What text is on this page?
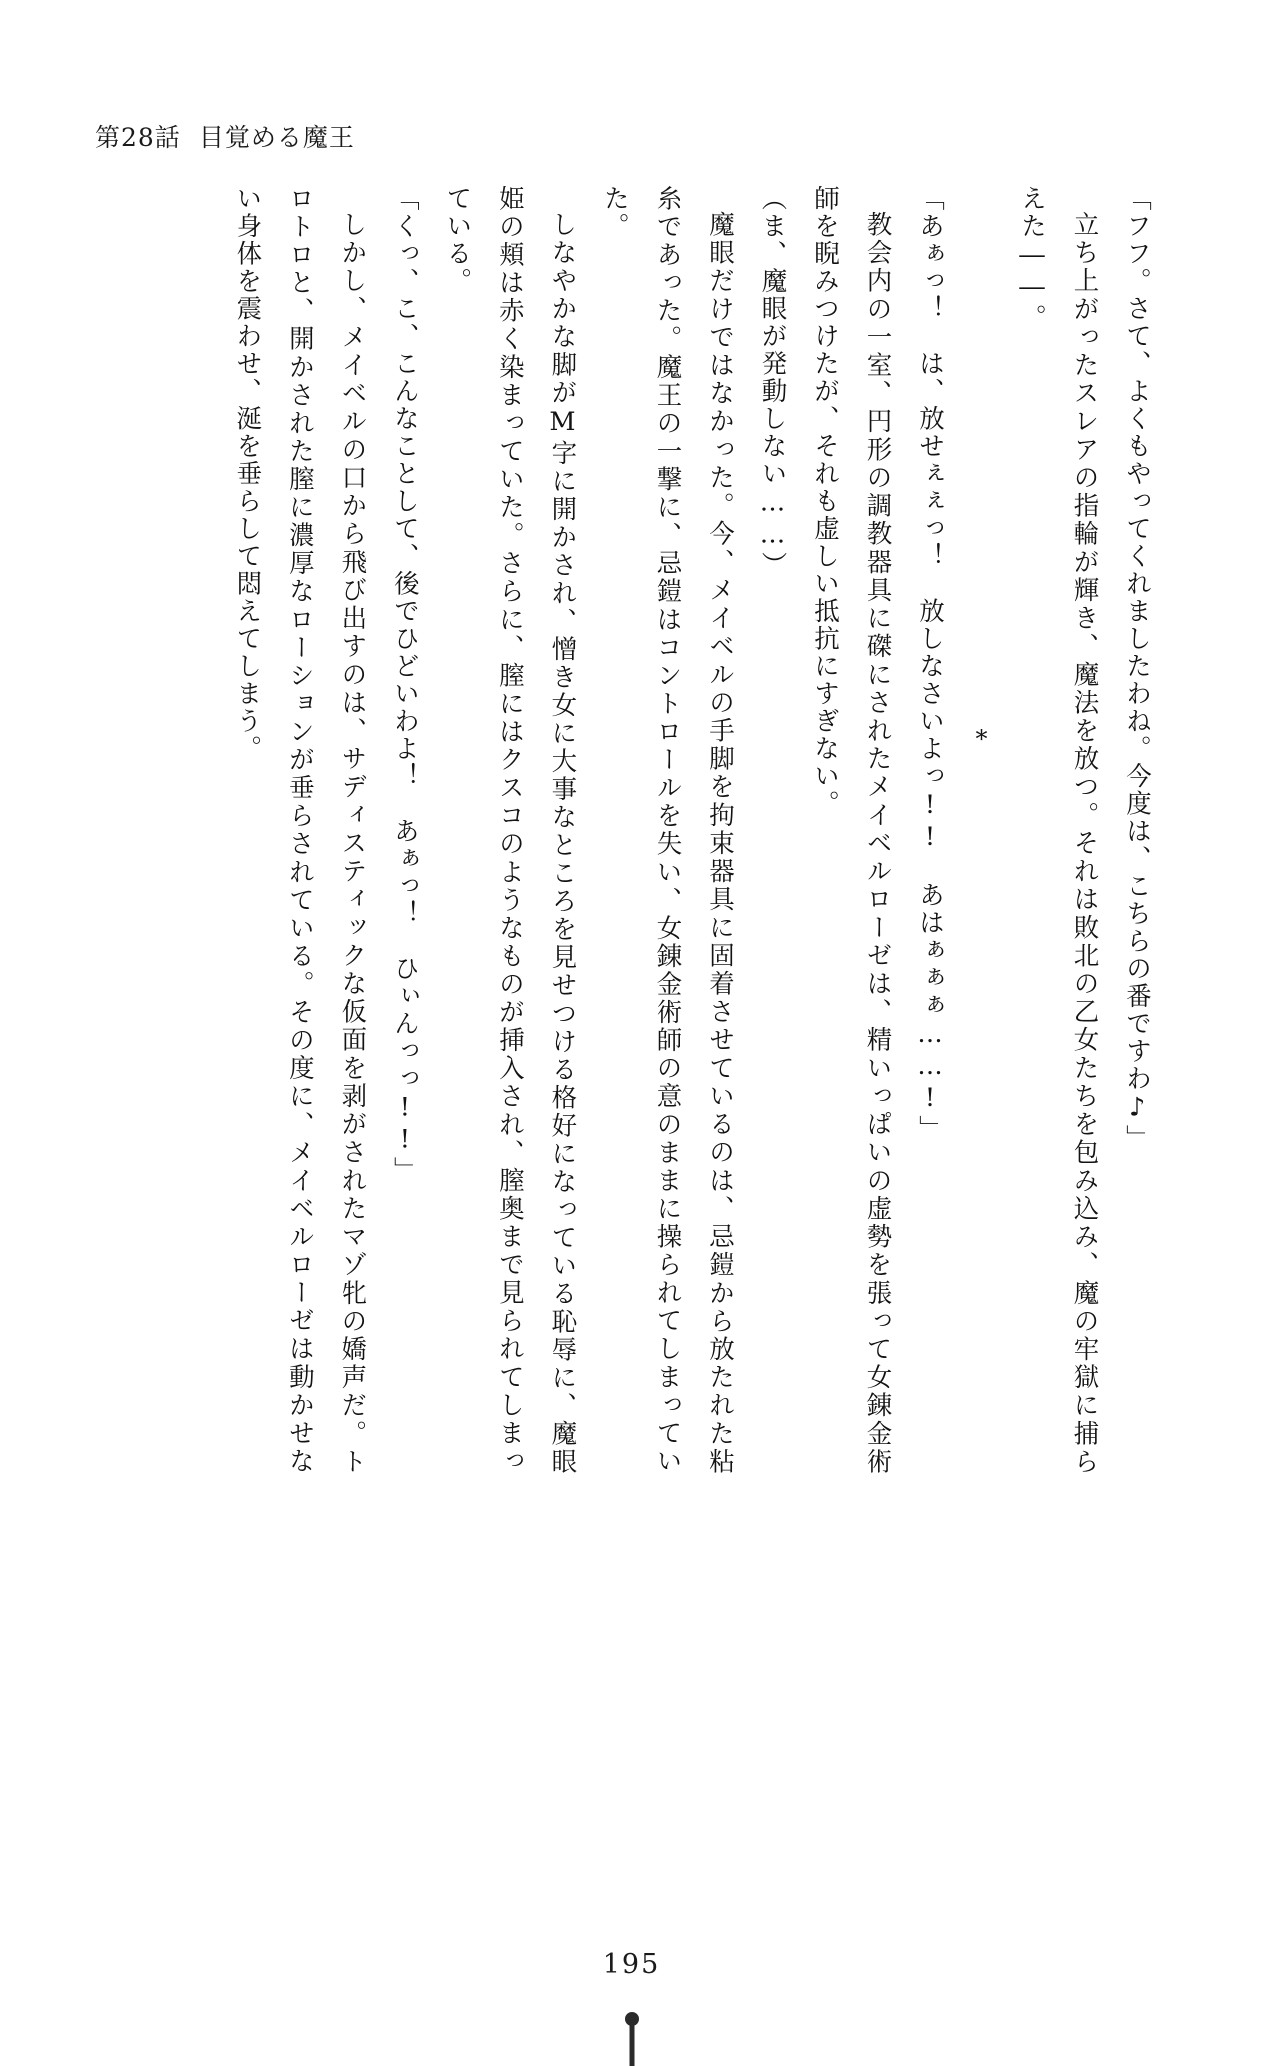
第28話 目覚める魔王

「フフ。さて、よくもやってくれましたわね。今度は、こちらの番ですわ♪」

立ち上がったスレアの指輪が輝き、魔法を放つ。それは敗北の乙女たちを包み込み、魔の牢獄に捕らえた――。

*

「あぁっ！　は、放せぇぇっ！　放しなさいよっ!!　あはぁぁぁ……!」

教会内の一室、円形の調教器具に磔にされたメイベルローゼは、精いっぱいの虚勢を張って女錬金術師を睨みつけたが、それも虚しい抵抗にすぎない。

（ま、魔眼が発動しない……）

魔眼だけではなかった。今、メイベルの手脚を拘束器具に固着させているのは、忌鎧から放たれた粘糸であった。魔王の一撃に、忌鎧はコントロールを失い、女錬金術師の意のままに操られてしまっていた。

しなやかな脚がM字に開かされ、憎き女に大事なところを見せつける格好になっている恥辱に、魔眼姫の頬は赤く染まっていた。さらに、膣にはクスコのようなものが挿入され、膣奥まで見られてしまっている。

「くっ、こ、こんなことして、後でひどいわよ！　あぁっ！　ひぃんっっ!!」

しかし、メイベルの口から飛び出すのは、サディスティックな仮面を剥がされたマゾ牝の嬌声だ。トロトロと、開かされた膣に濃厚なローションが垂らされている。その度に、メイベルローゼは動かせない身体を震わせ、涎を垂らして悶えてしまう。

195
